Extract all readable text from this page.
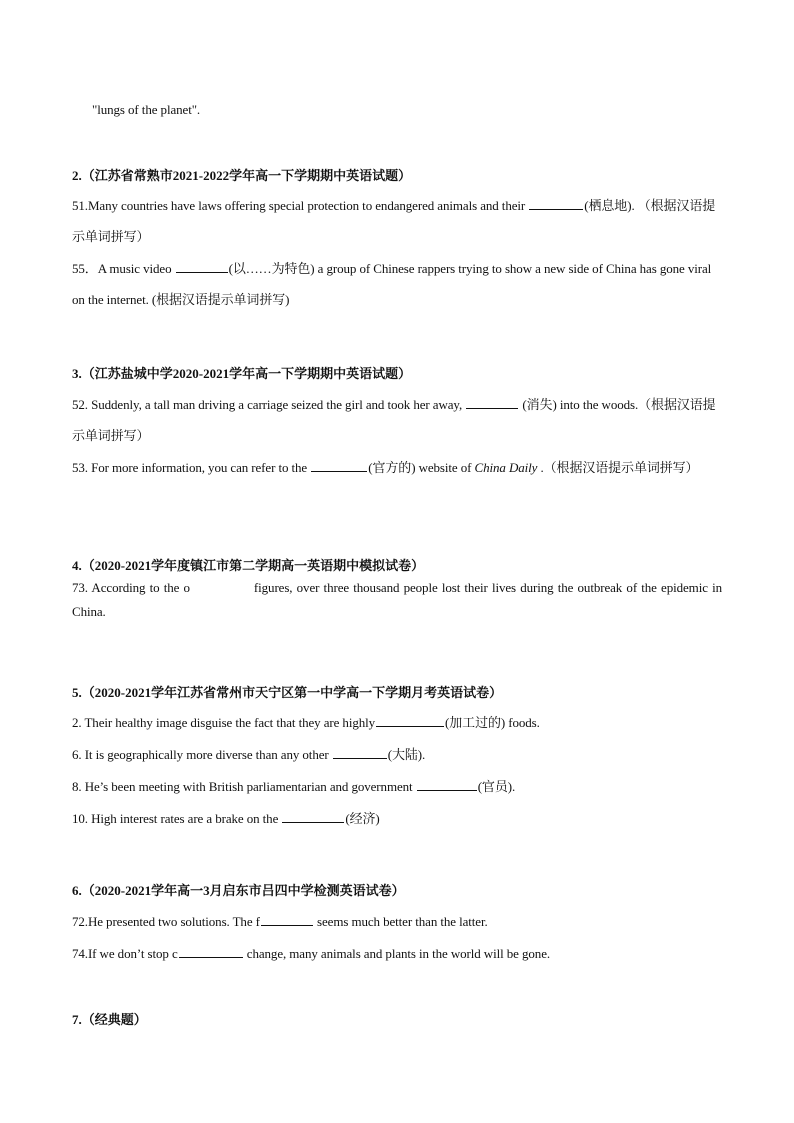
"lungs of the planet".
2.（江苏省常熟市2021-2022学年高一下学期期中英语试题）
51.Many countries have laws offering special protection to endangered animals and their	(栖息地). （根据汉语提示单词拼写）
55．A music video	(以……为特色) a group of Chinese rappers trying to show a new side of China has gone viral on the internet. (根据汉语提示单词拼写)
3.（江苏盐城中学2020-2021学年高一下学期期中英语试题）
52. Suddenly, a tall man driving a carriage seized the girl and took her away,	(消失) into the woods.（根据汉语提示单词拼写）
53. For more information, you can refer to the	(官方的) website of China Daily .（根据汉语提示单词拼写）
4.（2020-2021学年度镇江市第二学期高一英语期中模拟试卷）
73. According to the o	figures, over three thousand people lost their lives during the outbreak of the epidemic in China.
5.（2020-2021学年江苏省常州市天宁区第一中学高一下学期月考英语试卷）
2. Their healthy image disguise the fact that they are highly	(加工过的) foods.
6. It is geographically more diverse than any other	(大陆).
8. He’s been meeting with British parliamentarian and government	(官员).
10. High interest rates are a brake on the	(经济)
6.（2020-2021学年高一3月启东市吕四中学检测英语试卷）
72.He presented two solutions. The f	seems much better than the latter.
74.If we don’t stop c	change, many animals and plants in the world will be gone.
7.（经典题）
